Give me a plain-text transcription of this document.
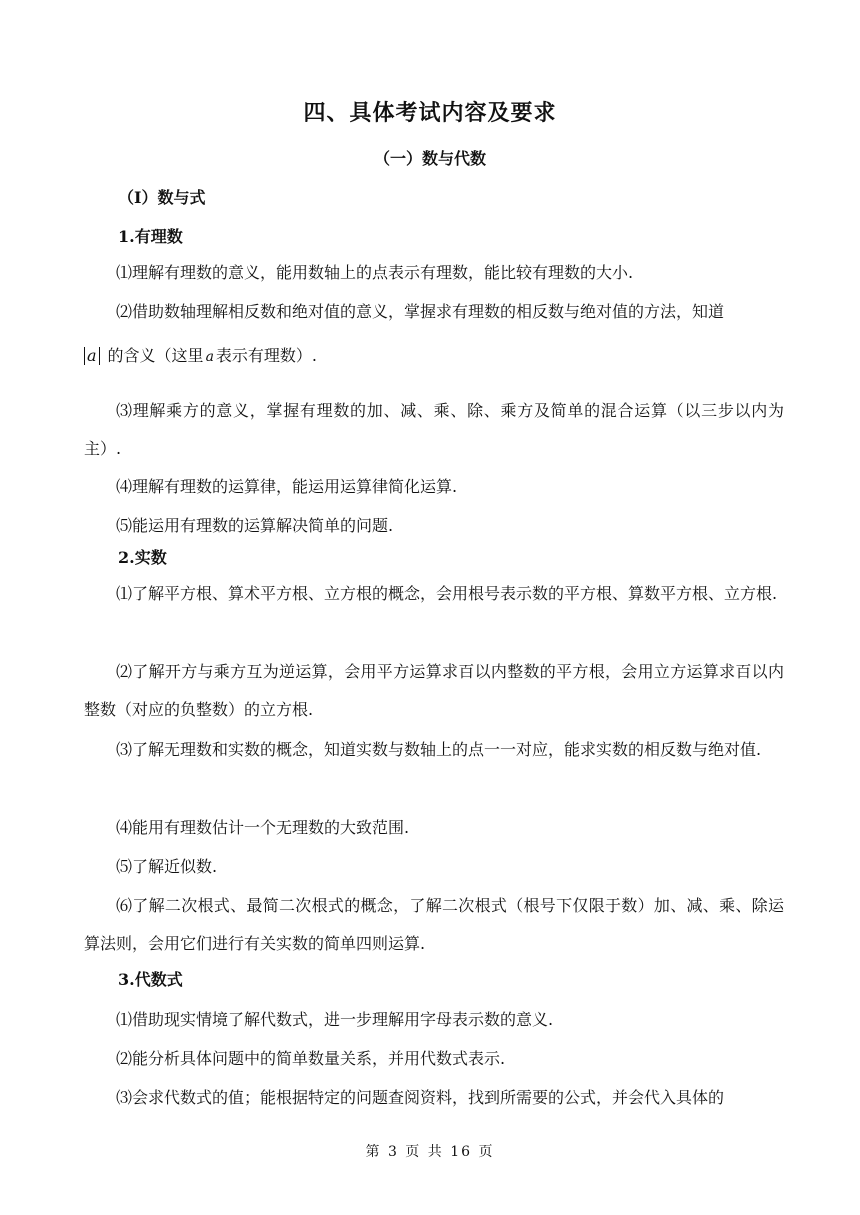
四、具体考试内容及要求
（一）数与代数
（Ⅰ）数与式
1.有理数
⑴理解有理数的意义，能用数轴上的点表示有理数，能比较有理数的大小.
⑵借助数轴理解相反数和绝对值的意义，掌握求有理数的相反数与绝对值的方法，知道
a 的含义（这里 a 表示有理数）.
⑶理解乘方的意义，掌握有理数的加、减、乘、除、乘方及简单的混合运算（以三步以内为主）.
⑷理解有理数的运算律，能运用运算律简化运算.
⑸能运用有理数的运算解决简单的问题.
2.实数
⑴了解平方根、算术平方根、立方根的概念，会用根号表示数的平方根、算数平方根、立方根.
⑵了解开方与乘方互为逆运算，会用平方运算求百以内整数的平方根，会用立方运算求百以内整数（对应的负整数）的立方根.
⑶了解无理数和实数的概念，知道实数与数轴上的点一一对应，能求实数的相反数与绝对值.
⑷能用有理数估计一个无理数的大致范围.
⑸了解近似数.
⑹了解二次根式、最简二次根式的概念，了解二次根式（根号下仅限于数）加、减、乘、除运算法则，会用它们进行有关实数的简单四则运算.
3.代数式
⑴借助现实情境了解代数式，进一步理解用字母表示数的意义.
⑵能分析具体问题中的简单数量关系，并用代数式表示.
⑶会求代数式的值；能根据特定的问题查阅资料，找到所需要的公式，并会代入具体的
第 3 页 共 16 页
